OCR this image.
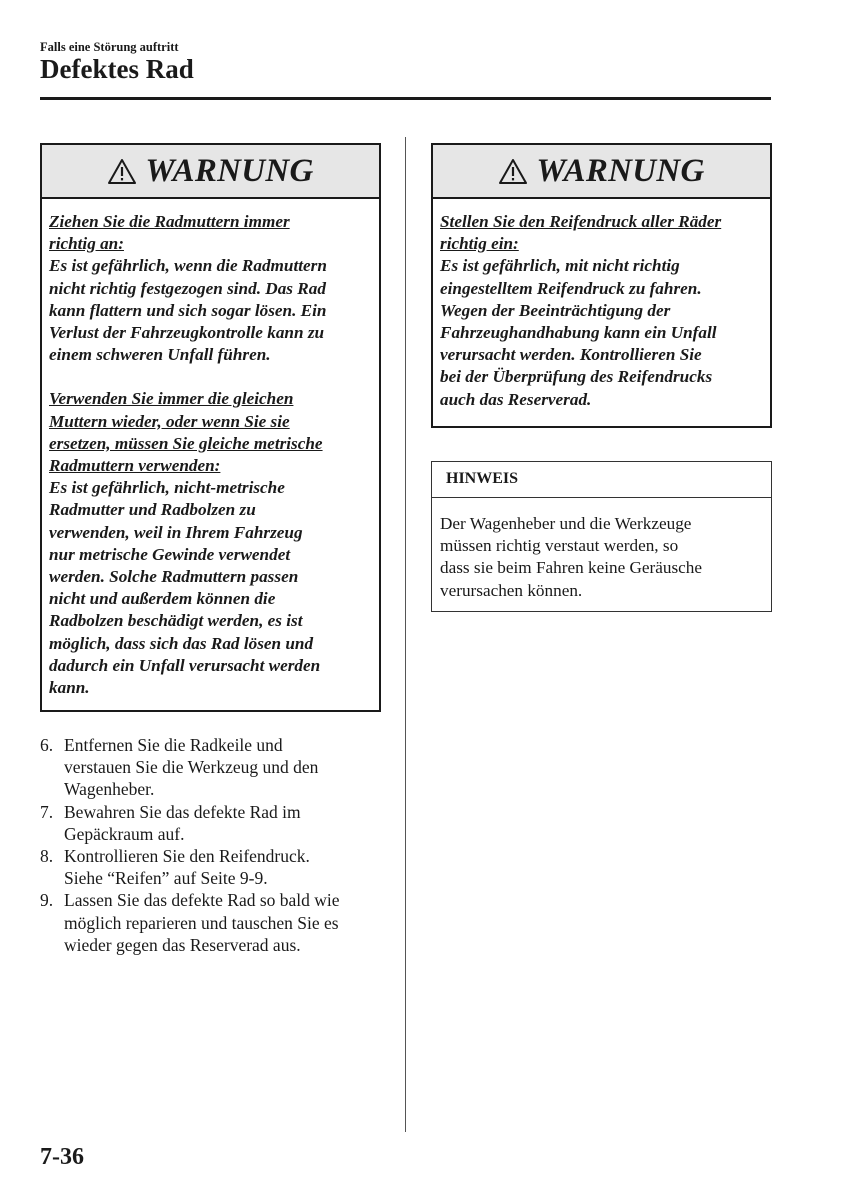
Falls eine Störung auftritt
Defektes Rad
WARNUNG

Ziehen Sie die Radmuttern immer
richtig an:

Es ist gefährlich, wenn die Radmuttern
nicht richtig festgezogen sind. Das Rad
kann flattern und sich sogar lösen. Ein
Verlust der Fahrzeugkontrolle kann zu
einem schweren Unfall führen.

Verwenden Sie immer die gleichen
Muttern wieder, oder wenn Sie sie
ersetzen, müssen Sie gleiche metrische
Radmuttern verwenden:

Es ist gefährlich, nicht-metrische
Radmutter und Radbolzen zu
verwenden, weil in Ihrem Fahrzeug
nur metrische Gewinde verwendet
werden. Solche Radmuttern passen
nicht und außerdem können die
Radbolzen beschädigt werden, es ist
möglich, dass sich das Rad lösen und
dadurch ein Unfall verursacht werden
kann.

6. Entfernen Sie die Radkeile und
verstauen Sie die Werkzeug und den
Wagenheber.
7. Bewahren Sie das defekte Rad im
Gepäckraum auf.
8. Kontrollieren Sie den Reifendruck.
Siehe “Reifen” auf Seite 9-9.
9. Lassen Sie das defekte Rad so bald wie
möglich reparieren und tauschen Sie es
wieder gegen das Reserverad aus.
WARNUNG

Stellen Sie den Reifendruck aller Räder
richtig ein:

Es ist gefährlich, mit nicht richtig
eingestelltem Reifendruck zu fahren.
Wegen der Beeinträchtigung der
Fahrzeughandhabung kann ein Unfall
verursacht werden. Kontrollieren Sie
bei der Überprüfung des Reifendrucks
auch das Reserverad.

HINWEIS
Der Wagenheber und die Werkzeuge
müssen richtig verstaut werden, so
dass sie beim Fahren keine Geräusche
verursachen können.
7-36
